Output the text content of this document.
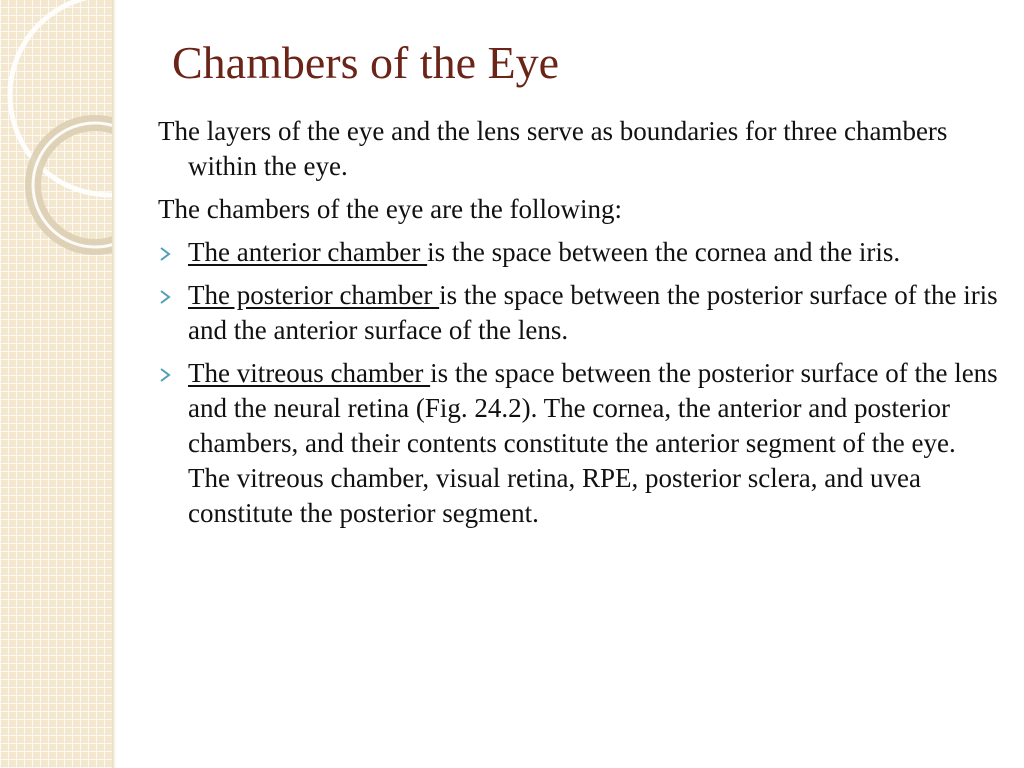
Chambers of the Eye

The layers of the eye and the lens serve as boundaries for three chambers within the eye.

The chambers of the eye are the following:

The anterior chamber is the space between the cornea and the iris.
The posterior chamber is the space between the posterior surface of the iris and the anterior surface of the lens.
The vitreous chamber is the space between the posterior surface of the lens and the neural retina (Fig. 24.2). The cornea, the anterior and posterior chambers, and their contents constitute the anterior segment of the eye. The vitreous chamber, visual retina, RPE, posterior sclera, and uvea constitute the posterior segment.
